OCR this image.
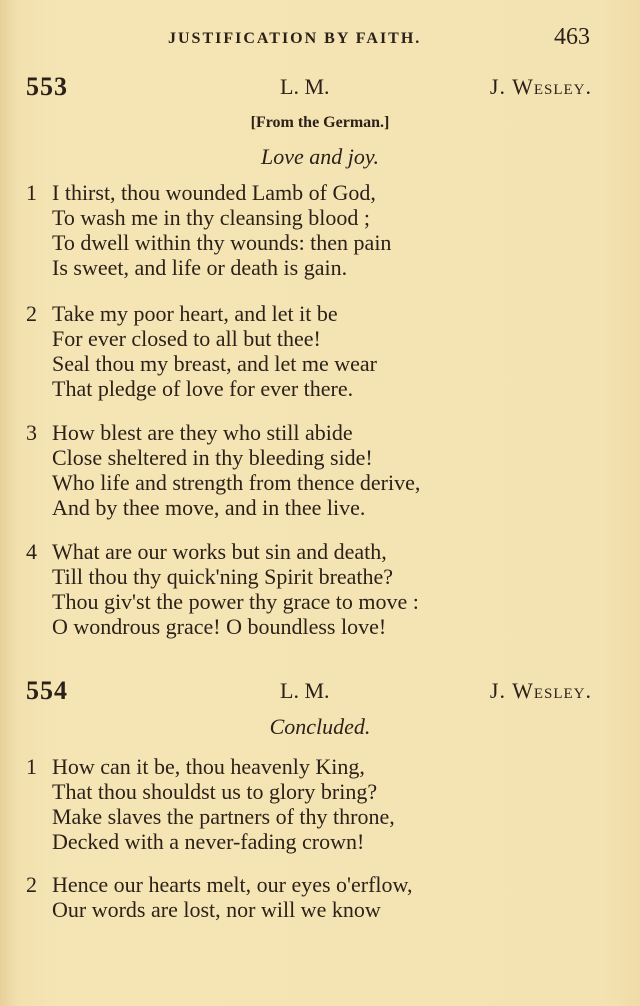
JUSTIFICATION BY FAITH.	463
553	L. M.	J. Wesley.
[From the German.]
Love and joy.
1 I thirst, thou wounded Lamb of God,
To wash me in thy cleansing blood ;
To dwell within thy wounds: then pain
Is sweet, and life or death is gain.
2 Take my poor heart, and let it be
For ever closed to all but thee!
Seal thou my breast, and let me wear
That pledge of love for ever there.
3 How blest are they who still abide
Close sheltered in thy bleeding side!
Who life and strength from thence derive,
And by thee move, and in thee live.
4 What are our works but sin and death,
Till thou thy quick'ning Spirit breathe?
Thou giv'st the power thy grace to move :
O wondrous grace! O boundless love!
554	L. M.	J. Wesley.
Concluded.
1 How can it be, thou heavenly King,
That thou shouldst us to glory bring?
Make slaves the partners of thy throne,
Decked with a never-fading crown!
2 Hence our hearts melt, our eyes o'erflow,
Our words are lost, nor will we know
